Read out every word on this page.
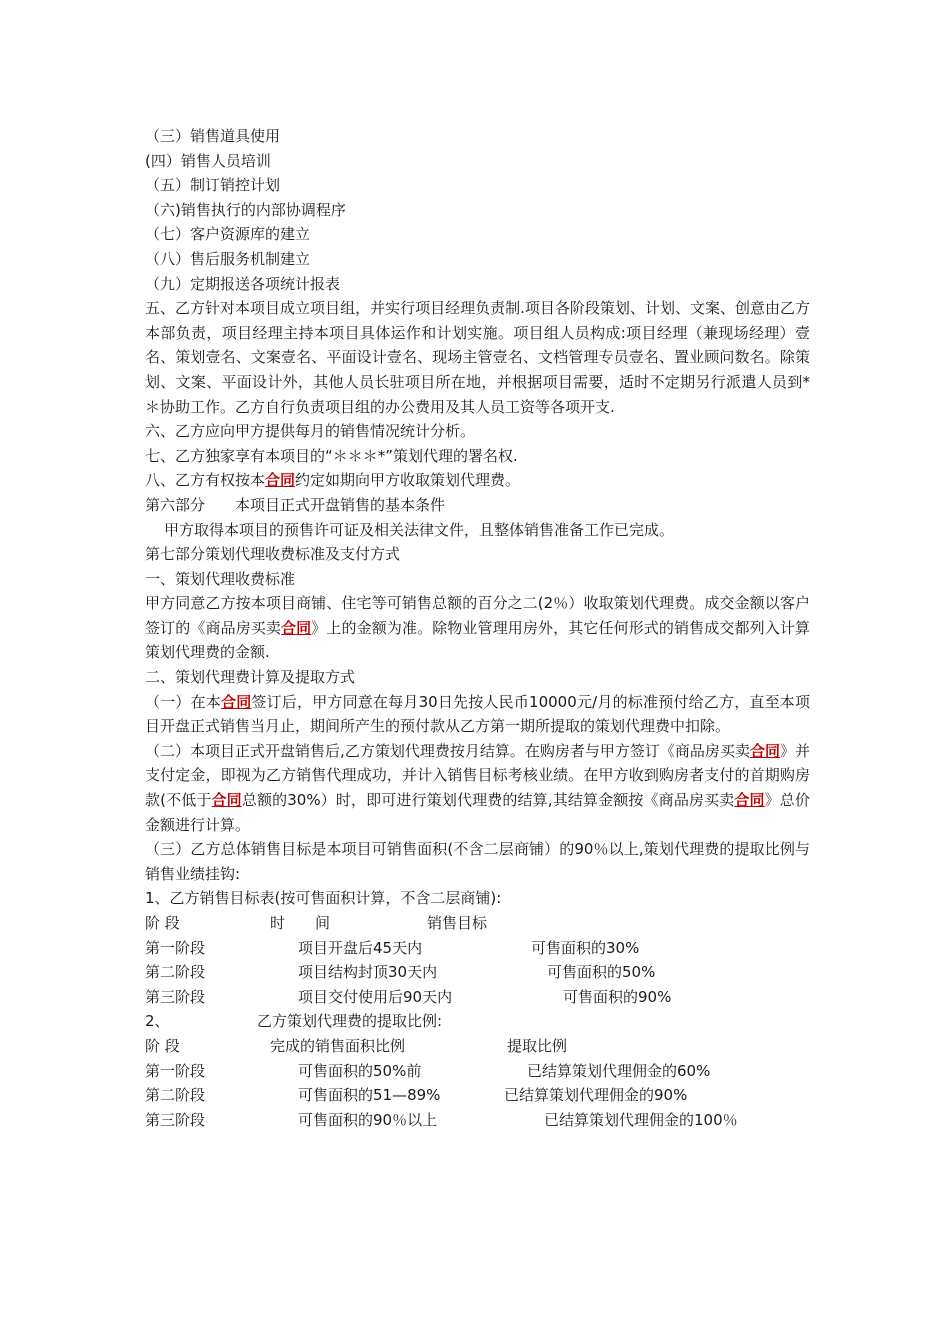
（三）销售道具使用

(四）销售人员培训

（五）制订销控计划

（六)销售执行的内部协调程序

（七）客户资源库的建立

（八）售后服务机制建立

（九）定期报送各项统计报表

五、乙方针对本项目成立项目组，并实行项目经理负责制.项目各阶段策划、计划、文案、创意由乙方本部负责，项目经理主持本项目具体运作和计划实施。项目组人员构成:项目经理（兼现场经理）壹名、策划壹名、文案壹名、平面设计壹名、现场主管壹名、文档管理专员壹名、置业顾问数名。除策划、文案、平面设计外，其他人员长驻项目所在地，并根据项目需要，适时不定期另行派遣人员到*＊协助工作。乙方自行负责项目组的办公费用及其人员工资等各项开支.

六、乙方应向甲方提供每月的销售情况统计分析。

七、乙方独家享有本项目的“＊＊＊*”策划代理的署名权.

八、乙方有权按本合同约定如期向甲方收取策划代理费。

第六部分　　本项目正式开盘销售的基本条件

甲方取得本项目的预售许可证及相关法律文件，且整体销售准备工作已完成。

第七部分策划代理收费标准及支付方式

一、策划代理收费标准

甲方同意乙方按本项目商铺、住宅等可销售总额的百分之二(2％）收取策划代理费。成交金额以客户签订的《商品房买卖合同》上的金额为准。除物业管理用房外，其它任何形式的销售成交都列入计算策划代理费的金额.

二、策划代理费计算及提取方式

（一）在本合同签订后，甲方同意在每月30日先按人民币10000元/月的标准预付给乙方，直至本项目开盘正式销售当月止，期间所产生的预付款从乙方第一期所提取的策划代理费中扣除。

（二）本项目正式开盘销售后,乙方策划代理费按月结算。在购房者与甲方签订《商品房买卖合同》并支付定金，即视为乙方销售代理成功，并计入销售目标考核业绩。在甲方收到购房者支付的首期购房款(不低于合同总额的30%）时，即可进行策划代理费的结算,其结算金额按《商品房买卖合同》总价金额进行计算。

（三）乙方总体销售目标是本项目可销售面积(不含二层商铺）的90％以上,策划代理费的提取比例与销售业绩挂钩:

1、乙方销售目标表(按可售面积计算，不含二层商铺):

阶 段	时　　间	销售目标
第一阶段	项目开盘后45天内	可售面积的30%
第二阶段	项目结构封顶30天内	可售面积的50%
第三阶段	项目交付使用后90天内	可售面积的90%
2、	乙方策划代理费的提取比例:
阶 段	完成的销售面积比例	提取比例
第一阶段	可售面积的50%前	已结算策划代理佣金的60%
第二阶段	可售面积的51—89%	已结算策划代理佣金的90%
第三阶段	可售面积的90％以上	已结算策划代理佣金的100％
